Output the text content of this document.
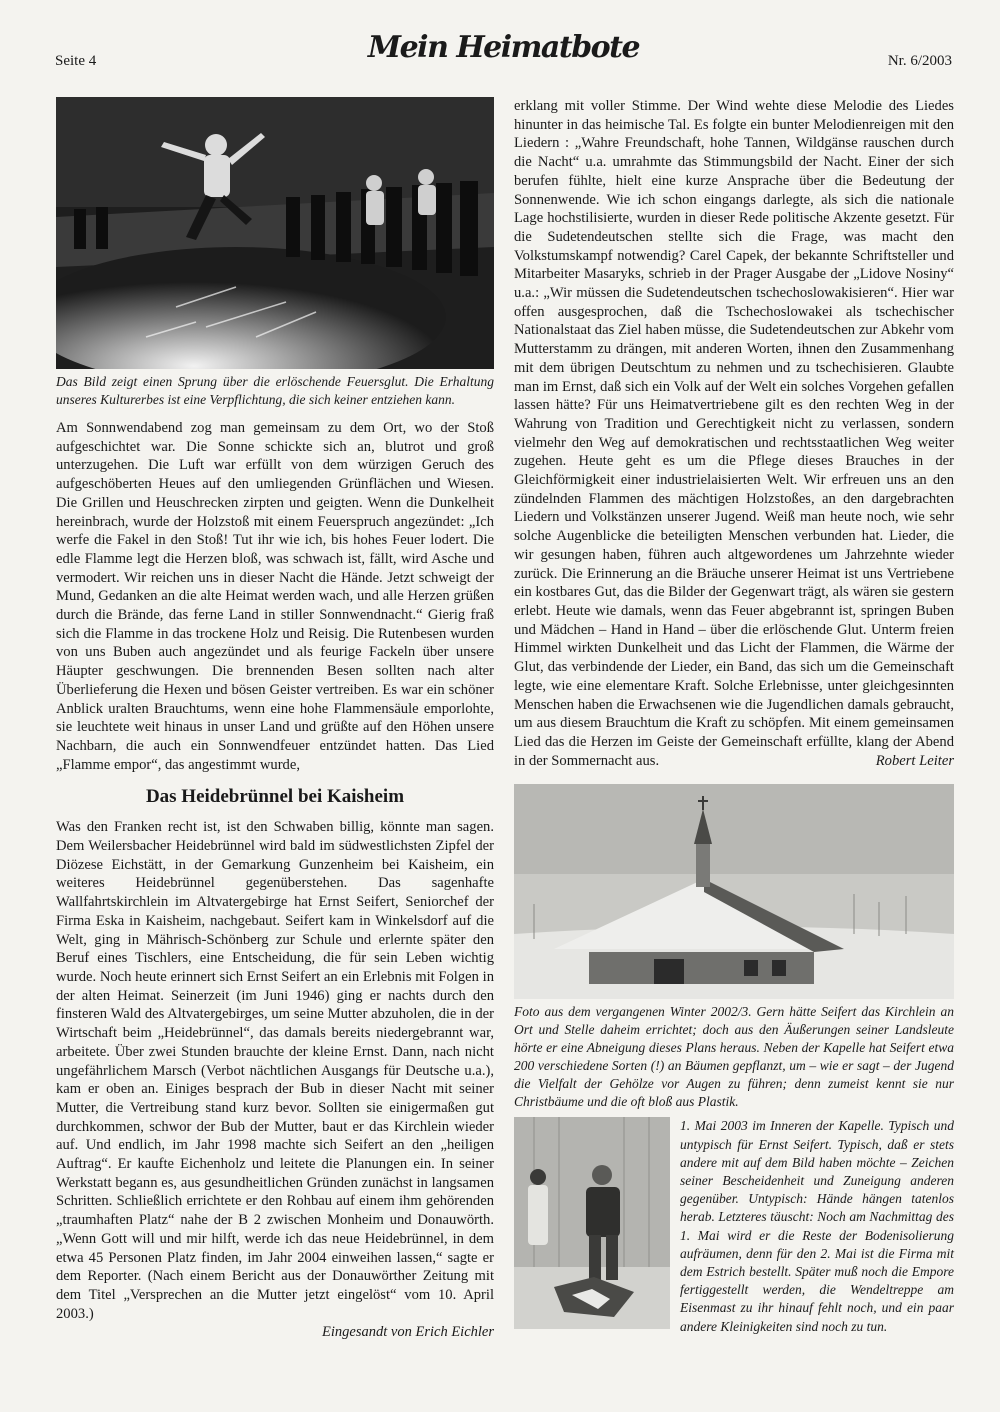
Seite 4	Mein Heimatbote	Nr. 6/2003
Das Bild zeigt einen Sprung über die erlöschende Feuersglut. Die Erhaltung unseres Kulturerbes ist eine Verpflichtung, die sich keiner entziehen kann.

Am Sonnwendabend zog man gemeinsam zu dem Ort, wo der Stoß aufgeschichtet war. Die Sonne schickte sich an, blutrot und groß unterzugehen. Die Luft war erfüllt von dem würzigen Geruch des aufgeschöberten Heues auf den umliegenden Grünflächen und Wiesen. Die Grillen und Heuschrecken zirpten und geigten. Wenn die Dunkelheit hereinbrach, wurde der Holzstoß mit einem Feuerspruch angezündet: „Ich werfe die Fakel in den Stoß! Tut ihr wie ich, bis hohes Feuer lodert. Die edle Flamme legt die Herzen bloß, was schwach ist, fällt, wird Asche und vermodert. Wir reichen uns in dieser Nacht die Hände. Jetzt schweigt der Mund, Gedanken an die alte Heimat werden wach, und alle Herzen grüßen durch die Brände, das ferne Land in stiller Sonnwendnacht.“ Gierig fraß sich die Flamme in das trockene Holz und Reisig. Die Rutenbesen wurden von uns Buben auch angezündet und als feurige Fackeln über unsere Häupter geschwungen. Die brennenden Besen sollten nach alter Überlieferung die Hexen und bösen Geister vertreiben. Es war ein schöner Anblick uralten Brauchtums, wenn eine hohe Flammensäule emporlohte, sie leuchtete weit hinaus in unser Land und grüßte auf den Höhen unsere Nachbarn, die auch ein Sonnwendfeuer entzündet hatten. Das Lied „Flamme empor“, das angestimmt wurde,

Das Heidebrünnel bei Kaisheim

Was den Franken recht ist, ist den Schwaben billig, könnte man sagen. Dem Weilersbacher Heidebrünnel wird bald im südwestlichsten Zipfel der Diözese Eichstätt, in der Gemarkung Gunzenheim bei Kaisheim, ein weiteres Heidebrünnel gegenüberstehen. Das sagenhafte Wallfahrtskirchlein im Altvatergebirge hat Ernst Seifert, Seniorchef der Firma Eska in Kaisheim, nachgebaut. Seifert kam in Winkelsdorf auf die Welt, ging in Mährisch-Schönberg zur Schule und erlernte später den Beruf eines Tischlers, eine Entscheidung, die für sein Leben wichtig wurde. Noch heute erinnert sich Ernst Seifert an ein Erlebnis mit Folgen in der alten Heimat. Seinerzeit (im Juni 1946) ging er nachts durch den finsteren Wald des Altvatergebirges, um seine Mutter abzuholen, die in der Wirtschaft beim „Heidebrünnel“, das damals bereits niedergebrannt war, arbeitete. Über zwei Stunden brauchte der kleine Ernst. Dann, nach nicht ungefährlichem Marsch (Verbot nächtlichen Ausgangs für Deutsche u.a.), kam er oben an. Einiges besprach der Bub in dieser Nacht mit seiner Mutter, die Vertreibung stand kurz bevor. Sollten sie einigermaßen gut durchkommen, schwor der Bub der Mutter, baut er das Kirchlein wieder auf. Und endlich, im Jahr 1998 machte sich Seifert an den „heiligen Auftrag“. Er kaufte Eichenholz und leitete die Planungen ein. In seiner Werkstatt begann es, aus gesundheitlichen Gründen zunächst in langsamen Schritten. Schließlich errichtete er den Rohbau auf einem ihm gehörenden „traumhaften Platz“ nahe der B 2 zwischen Monheim und Donauwörth. „Wenn Gott will und mir hilft, werde ich das neue Heidebrünnel, in dem etwa 45 Personen Platz finden, im Jahr 2004 einweihen lassen,“ sagte er dem Reporter. (Nach einem Bericht aus der Donauwörther Zeitung mit dem Titel „Versprechen an die Mutter jetzt eingelöst“ vom 10. April 2003.)

Eingesandt von Erich Eichler

erklang mit voller Stimme. Der Wind wehte diese Melodie des Liedes hinunter in das heimische Tal. Es folgte ein bunter Melodienreigen mit den Liedern : „Wahre Freundschaft, hohe Tannen, Wildgänse rauschen durch die Nacht“ u.a. umrahmte das Stimmungsbild der Nacht. Einer der sich berufen fühlte, hielt eine kurze Ansprache über die Bedeutung der Sonnenwende. Wie ich schon eingangs darlegte, als sich die nationale Lage hochstilisierte, wurden in dieser Rede politische Akzente gesetzt. Für die Sudetendeutschen stellte sich die Frage, was macht den Volkstumskampf notwendig? Carel Capek, der bekannte Schriftsteller und Mitarbeiter Masaryks, schrieb in der Prager Ausgabe der „Lidove Nosiny“ u.a.: „Wir müssen die Sudetendeutschen tschechoslowakisieren“. Hier war offen ausgesprochen, daß die Tschechoslowakei als tschechischer Nationalstaat das Ziel haben müsse, die Sudetendeutschen zur Abkehr vom Mutterstamm zu drängen, mit anderen Worten, ihnen den Zusammenhang mit dem übrigen Deutschtum zu nehmen und zu tschechisieren. Glaubte man im Ernst, daß sich ein Volk auf der Welt ein solches Vorgehen gefallen lassen hätte? Für uns Heimatvertriebene gilt es den rechten Weg in der Wahrung von Tradition und Gerechtigkeit nicht zu verlassen, sondern vielmehr den Weg auf demokratischen und rechtsstaatlichen Weg weiter zugehen. Heute geht es um die Pflege dieses Brauches in der Gleichförmigkeit einer industrielaisierten Welt. Wir erfreuen uns an den zündelnden Flammen des mächtigen Holzstoßes, an den dargebrachten Liedern und Volkstänzen unserer Jugend. Weiß man heute noch, wie sehr solche Augenblicke die beteiligten Menschen verbunden hat. Lieder, die wir gesungen haben, führen auch altgewordenes um Jahrzehnte wieder zurück. Die Erinnerung an die Bräuche unserer Heimat ist uns Vertriebene ein kostbares Gut, das die Bilder der Gegenwart trägt, als wären sie gestern erlebt. Heute wie damals, wenn das Feuer abgebrannt ist, springen Buben und Mädchen – Hand in Hand – über die erlöschende Glut. Unterm freien Himmel wirkten Dunkelheit und das Licht der Flammen, die Wärme der Glut, das verbindende der Lieder, ein Band, das sich um die Gemeinschaft legte, wie eine elementare Kraft. Solche Erlebnisse, unter gleichgesinnten Menschen haben die Erwachsenen wie die Jugendlichen damals gebraucht, um aus diesem Brauchtum die Kraft zu schöpfen. Mit einem gemeinsamen Lied das die Herzen im Geiste der Gemeinschaft erfüllte, klang der Abend in der Sommernacht aus.	Robert Leiter

Foto aus dem vergangenen Winter 2002/3. Gern hätte Seifert das Kirchlein an Ort und Stelle daheim errichtet; doch aus den Äußerungen seiner Landsleute hörte er eine Abneigung dieses Plans heraus. Neben der Kapelle hat Seifert etwa 200 verschiedene Sorten (!) an Bäumen gepflanzt, um – wie er sagt – der Jugend die Vielfalt der Gehölze vor Augen zu führen; denn zumeist kennt sie nur Christbäume und die oft bloß aus Plastik.
1. Mai 2003 im Inneren der Kapelle. Typisch und untypisch für Ernst Seifert. Typisch, daß er stets andere mit auf dem Bild haben möchte – Zeichen seiner Bescheidenheit und Zuneigung anderen gegenüber. Untypisch: Hände hängen tatenlos herab. Letzteres täuscht: Noch am Nachmittag des 1. Mai wird er die Reste der Bodenisolierung aufräumen, denn für den 2. Mai ist die Firma mit dem Estrich bestellt. Später muß noch die Empore fertiggestellt werden, die Wendeltreppe am Eisenmast zu ihr hinauf fehlt noch, und ein paar andere Kleinigkeiten sind noch zu tun.
